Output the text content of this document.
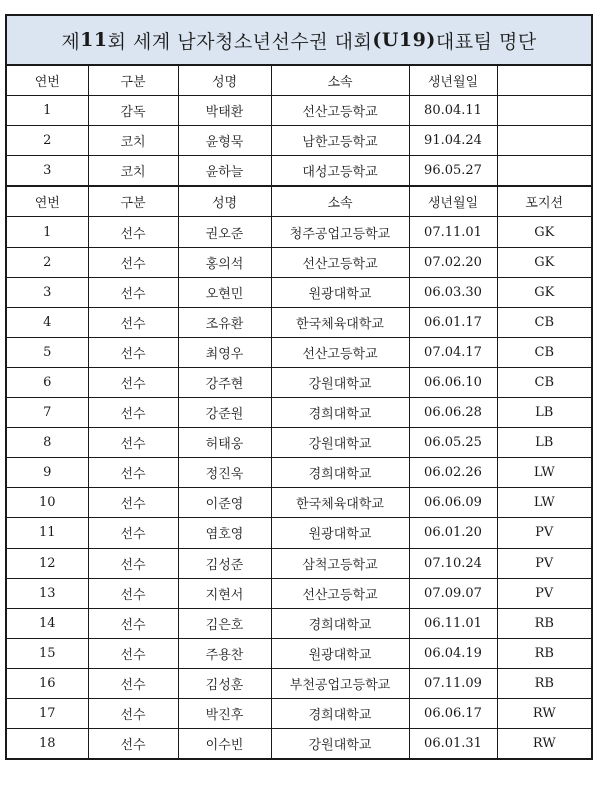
제 11 회 세계 남자청소년선수권 대회 (U19) 대표팀 명단
연번	구분	성명	소속	생년월일	
1	감독	박태환	선산고등학교	80.04.11	
2	코치	윤형묵	남한고등학교	91.04.24	
3	코치	윤하늘	대성고등학교	96.05.27	
연번	구분	성명	소속	생년월일	포지션
1	선수	권오준	청주공업고등학교	07.11.01	GK
2	선수	홍의석	선산고등학교	07.02.20	GK
3	선수	오현민	원광대학교	06.03.30	GK
4	선수	조유환	한국체육대학교	06.01.17	CB
5	선수	최영우	선산고등학교	07.04.17	CB
6	선수	강주현	강원대학교	06.06.10	CB
7	선수	강준원	경희대학교	06.06.28	LB
8	선수	허태웅	강원대학교	06.05.25	LB
9	선수	정진욱	경희대학교	06.02.26	LW
10	선수	이준영	한국체육대학교	06.06.09	LW
11	선수	염호영	원광대학교	06.01.20	PV
12	선수	김성준	삼척고등학교	07.10.24	PV
13	선수	지현서	선산고등학교	07.09.07	PV
14	선수	김은호	경희대학교	06.11.01	RB
15	선수	주용찬	원광대학교	06.04.19	RB
16	선수	김성훈	부천공업고등학교	07.11.09	RB
17	선수	박진후	경희대학교	06.06.17	RW
18	선수	이수빈	강원대학교	06.01.31	RW
